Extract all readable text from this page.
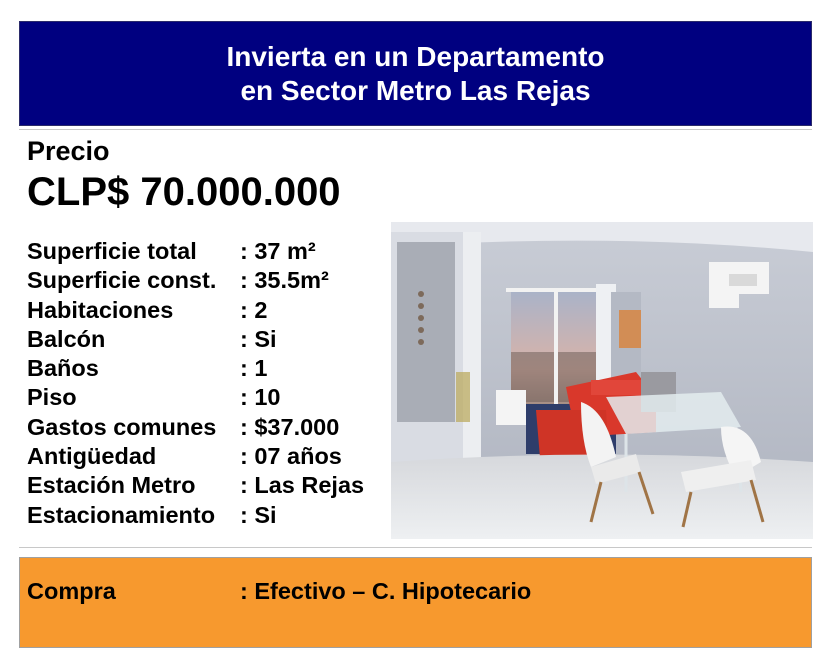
Invierta en un Departamento
en Sector Metro Las Rejas
Precio
CLP$ 70.000.000
Superficie total : 37 m²
Superficie const. : 35.5m²
Habitaciones	: 2
Balcón	: Si
Baños	: 1
Piso	: 10
Gastos comunes : $37.000
Antigüedad	: 07 años
Estación Metro : Las Rejas
Estacionamiento : Si
Compra	: Efectivo – C. Hipotecario
